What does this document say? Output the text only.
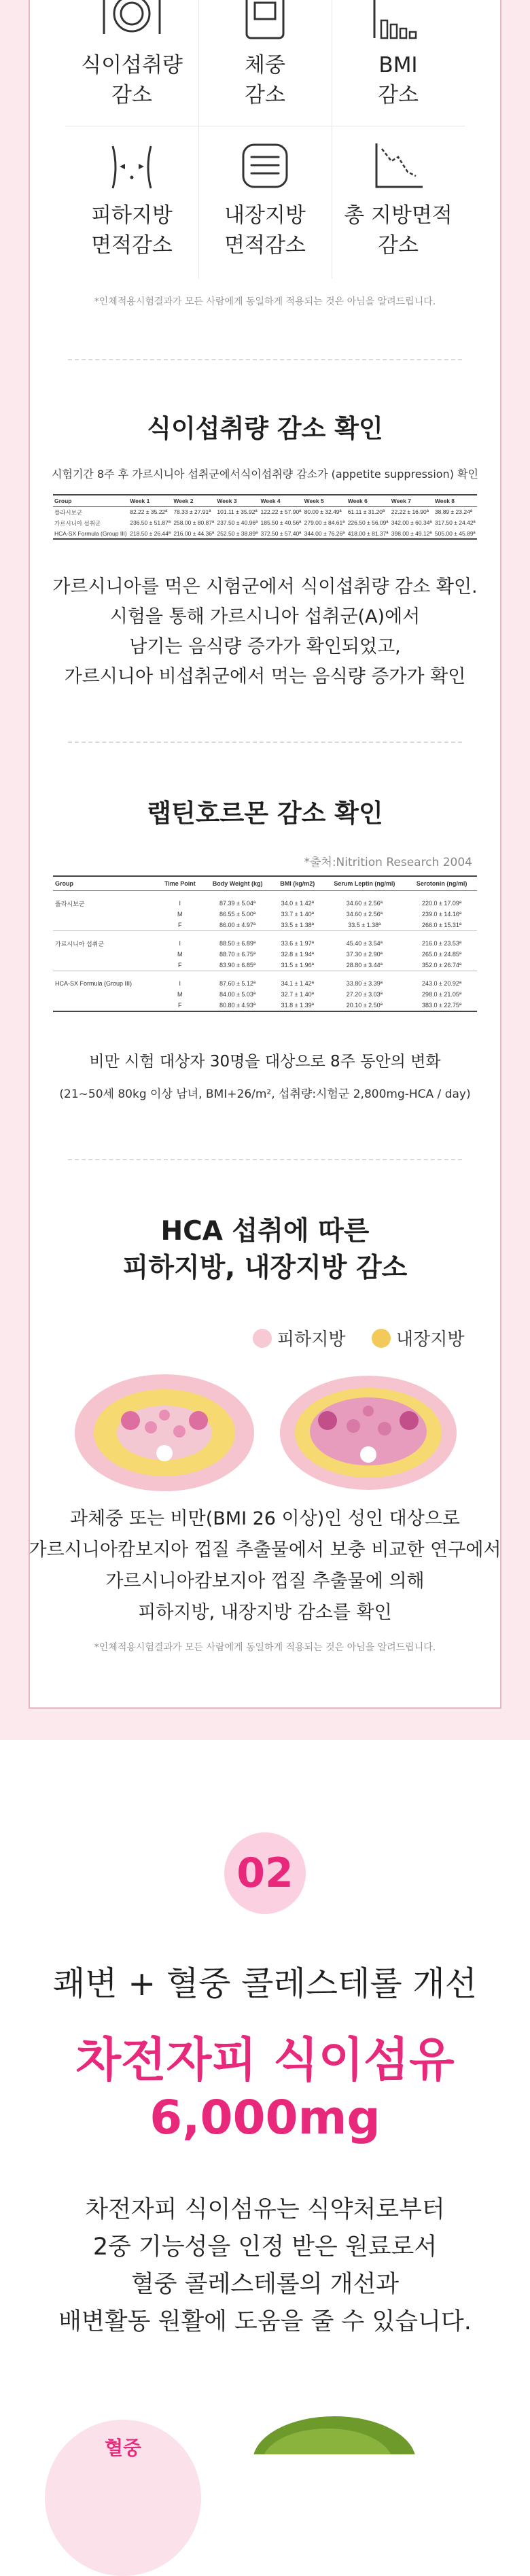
식이섭취량
감소
체중
감소
BMI
감소
피하지방
면적감소
내장지방
면적감소
총 지방면적
감소
*인체적용시험결과가 모든 사람에게 동일하게 적용되는 것은 아님을 알려드립니다.
식이섭취량 감소 확인
시험기간 8주 후 가르시니아 섭취군에서식이섭취량 감소가 (appetite suppression) 확인
Group	Week 1	Week 2	Week 3	Week 4	Week 5	Week 6	Week 7	Week 8
플라시보군	82.22 ± 35.22ª	78.33 ± 27.91ª	101.11 ± 35.92ª	122.22 ± 57.90ª	80.00 ± 32.49ª	61.11 ± 31.20ª	22.22 ± 16.90ª	38.89 ± 23.24ª
가르시니아 섭취군	236.50 ± 51.87ª	258.00 ± 80.87ª	237.50 ± 40.96ª	185.50 ± 40.56ª	279.00 ± 84.61ª	226.50 ± 56.09ª	342.00 ± 60.34ª	317.50 ± 24.42ª
HCA-SX Formula (Group III)	218.50 ± 26.44ª	216.00 ± 44.36ª	252.50 ± 38.89ª	372.50 ± 57.40ª	344.00 ± 76.26ª	418.00 ± 81.37ª	398.00 ± 49.12ª	505.00 ± 45.89ª
가르시니아를 먹은 시험군에서 식이섭취량 감소 확인.
시험을 통해 가르시니아 섭취군(A)에서
남기는 음식량 증가가 확인되었고,
가르시니아 비섭취군에서 먹는 음식량 증가가 확인
랩틴호르몬 감소 확인
*출처:Nitrition Research 2004
Group	Time Point	Body Weight (kg)	BMI (kg/m2)	Serum Leptin (ng/ml)	Serotonin (ng/ml)

플라시보군	I	87.39 ± 5.04ª	34.0 ± 1.42ª	34.60 ± 2.56ª	220.0 ± 17.09ª
	M	86.55 ± 5.00ª	33.7 ± 1.40ª	34.60 ± 2.56ª	239.0 ± 14.16ª
	F	86.00 ± 4.97ª	33.5 ± 1.38ª	33.5 ± 1.38ª	266.0 ± 15.31ª

가르시니아 섭취군	I	88.50 ± 6.89ª	33.6 ± 1.97ª	45.40 ± 3.54ª	216.0 ± 23.53ª
	M	88.70 ± 6.75ª	32.8 ± 1.94ª	37.30 ± 2.90ª	265.0 ± 24.85ª
	F	83.90 ± 6.85ª	31.5 ± 1.96ª	28.80 ± 3.44ª	352.0 ± 26.74ª

HCA-SX Formula (Group III)	I	87.60 ± 5.12ª	34.1 ± 1.42ª	33.80 ± 3.39ª	243.0 ± 20.92ª
	M	84.00 ± 5.03ª	32.7 ± 1.40ª	27.20 ± 3.03ª	298.0 ± 21.05ª
	F	80.80 ± 4.93ª	31.8 ± 1.39ª	20.10 ± 2.50ª	383.0 ± 22.75ª
비만 시험 대상자 30명을 대상으로 8주 동안의 변화
(21~50세 80kg 이상 남녀, BMI+26/m², 섭취량:시험군 2,800mg-HCA / day)
HCA 섭취에 따른
피하지방, 내장지방 감소
피하지방	내장지방
과체중 또는 비만(BMI 26 이상)인 성인 대상으로
가르시니아캄보지아 껍질 추출물에서 보충 비교한 연구에서
가르시니아캄보지아 껍질 추출물에 의해
피하지방, 내장지방 감소를 확인
*인체적용시험결과가 모든 사람에게 동일하게 적용되는 것은 아님을 알려드립니다.
02
쾌변 + 혈중 콜레스테롤 개선
차전자피 식이섬유
6,000mg
차전자피 식이섬유는 식약처로부터
2중 기능성을 인정 받은 원료로서
혈중 콜레스테롤의 개선과
배변활동 원활에 도움을 줄 수 있습니다.
혈중
